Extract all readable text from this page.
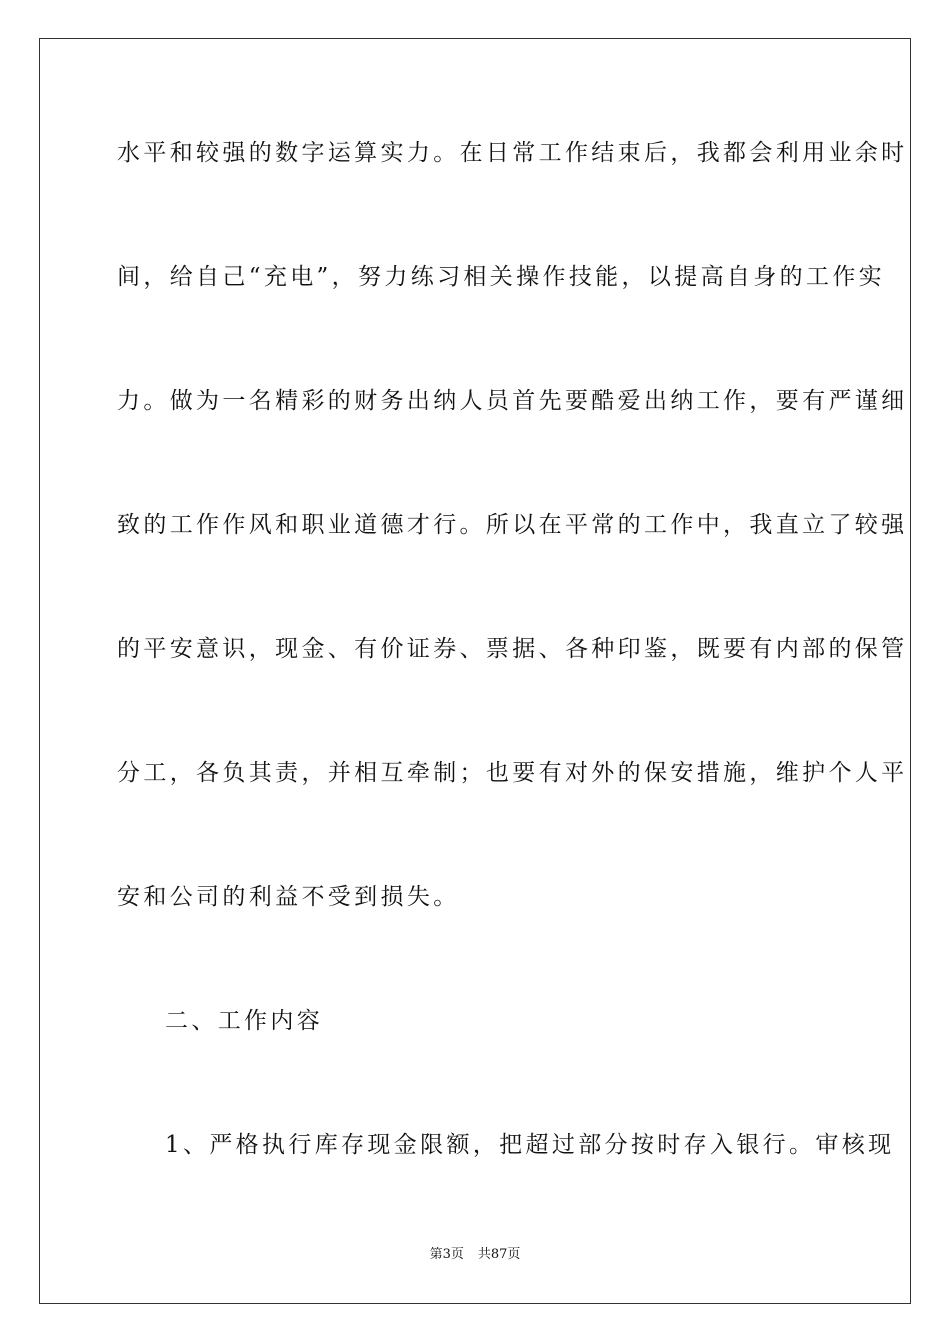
水平和较强的数字运算实力。在日常工作结束后，我都会利用业余时
间，给自己“充电”，努力练习相关操作技能，以提高自身的工作实
力。做为一名精彩的财务出纳人员首先要酷爱出纳工作，要有严谨细
致的工作作风和职业道德才行。所以在平常的工作中，我直立了较强
的平安意识，现金、有价证券、票据、各种印鉴，既要有内部的保管
分工，各负其责，并相互牵制；也要有对外的保安措施，维护个人平
安和公司的利益不受到损失。
二、工作内容
1、严格执行库存现金限额，把超过部分按时存入银行。审核现
第3页 共87页
